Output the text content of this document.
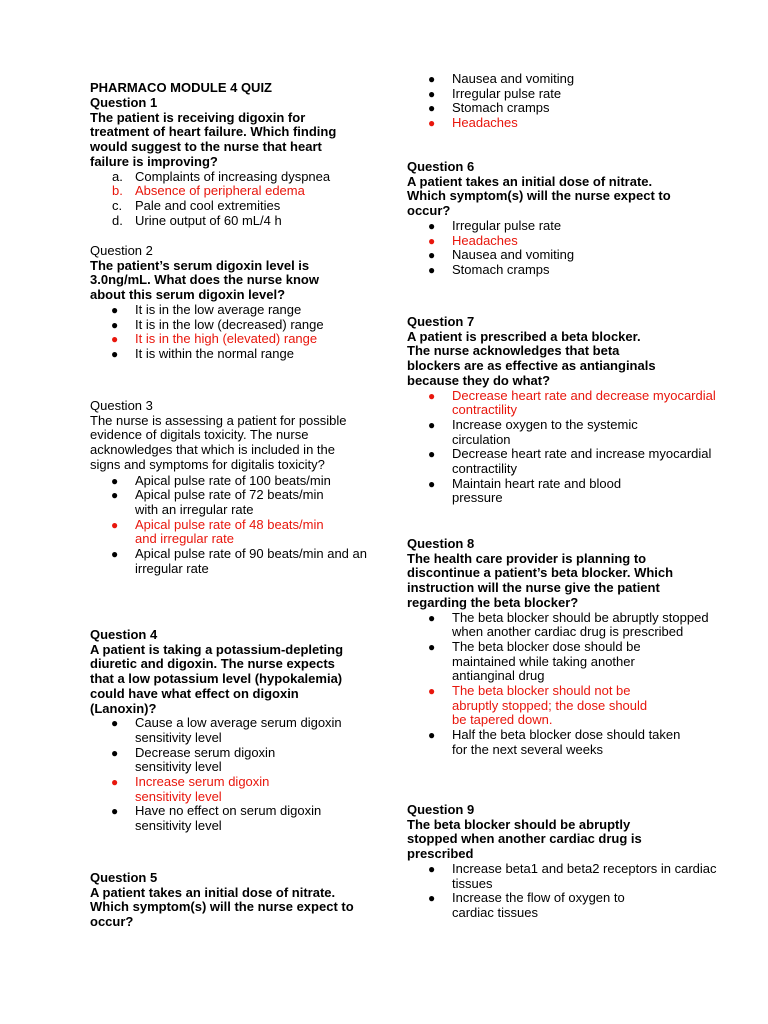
PHARMACO MODULE 4 QUIZ
Question 1
The patient is receiving digoxin for treatment of heart failure. Which finding would suggest to the nurse that heart failure is improving?
a. Complaints of increasing dyspnea
b. Absence of peripheral edema
c. Pale and cool extremities
d. Urine output of 60 mL/4 h
Question 2
The patient’s serum digoxin level is 3.0ng/mL. What does the nurse know about this serum digoxin level?
● It is in the low average range
● It is in the low (decreased) range
● It is in the high (elevated) range
● It is within the normal range
Question 3
The nurse is assessing a patient for possible evidence of digitals toxicity. The nurse acknowledges that which is included in the signs and symptoms for digitalis toxicity?
● Apical pulse rate of 100 beats/min
● Apical pulse rate of 72 beats/min with an irregular rate
● Apical pulse rate of 48 beats/min and irregular rate
● Apical pulse rate of 90 beats/min and an irregular rate
Question 4
A patient is taking a potassium-depleting diuretic and digoxin. The nurse expects that a low potassium level (hypokalemia) could have what effect on digoxin (Lanoxin)?
● Cause a low average serum digoxin sensitivity level
● Decrease serum digoxin sensitivity level
● Increase serum digoxin sensitivity level
● Have no effect on serum digoxin sensitivity level
Question 5
A patient takes an initial dose of nitrate. Which symptom(s) will the nurse expect to occur?
● Nausea and vomiting
● Irregular pulse rate
● Stomach cramps
● Headaches
Question 6
A patient takes an initial dose of nitrate. Which symptom(s) will the nurse expect to occur?
● Irregular pulse rate
● Headaches
● Nausea and vomiting
● Stomach cramps
Question 7
A patient is prescribed a beta blocker. The nurse acknowledges that beta blockers are as effective as antianginals because they do what?
● Decrease heart rate and decrease myocardial contractility
● Increase oxygen to the systemic circulation
● Decrease heart rate and increase myocardial contractility
● Maintain heart rate and blood pressure
Question 8
The health care provider is planning to discontinue a patient’s beta blocker. Which instruction will the nurse give the patient regarding the beta blocker?
● The beta blocker should be abruptly stopped when another cardiac drug is prescribed
● The beta blocker dose should be maintained while taking another antianginal drug
● The beta blocker should not be abruptly stopped; the dose should be tapered down.
● Half the beta blocker dose should taken for the next several weeks
Question 9
The beta blocker should be abruptly stopped when another cardiac drug is prescribed
● Increase beta1 and beta2 receptors in cardiac tissues
● Increase the flow of oxygen to cardiac tissues
